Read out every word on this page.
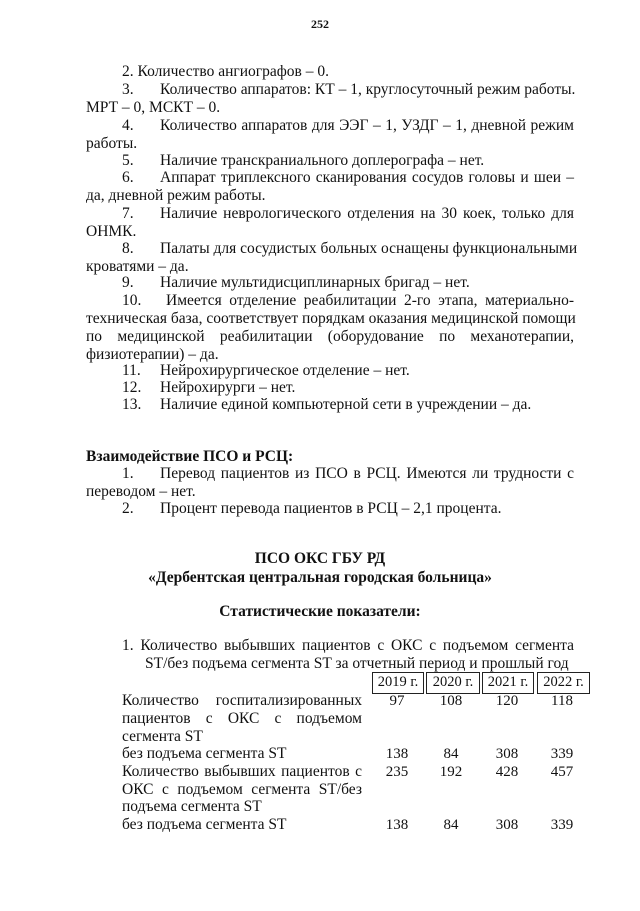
252
2. Количество ангиографов – 0.
3. Количество аппаратов: КТ – 1, круглосуточный режим работы.
МРТ – 0, МСКТ – 0.
4. Количество аппаратов для ЭЭГ – 1, УЗДГ – 1, дневной режим
работы.
5. Наличие транскраниального доплерографа – нет.
6. Аппарат триплексного сканирования сосудов головы и шеи –
да, дневной режим работы.
7. Наличие неврологического отделения на 30 коек, только для
ОНМК.
8. Палаты для сосудистых больных оснащены функциональными
кроватями – да.
9. Наличие мультидисциплинарных бригад – нет.
10. Имеется отделение реабилитации 2-го этапа, материально-
техническая база, соответствует порядкам оказания медицинской помощи
по медицинской реабилитации (оборудование по механотерапии,
физиотерапии) – да.
11. Нейрохирургическое отделение – нет.
12. Нейрохирурги – нет.
13. Наличие единой компьютерной сети в учреждении – да.
Взаимодействие ПСО и РСЦ:
1. Перевод пациентов из ПСО в РСЦ. Имеются ли трудности с
переводом – нет.
2. Процент перевода пациентов в РСЦ – 2,1 процента.
ПСО ОКС ГБУ РД
«Дербентская центральная городская больница»
Статистические показатели:
1. Количество выбывших пациентов с ОКС с подъемом сегмента
ST/без подъема сегмента ST за отчетный период и прошлый год
2019 г. 2020 г. 2021 г.	2022 г.
Количество госпитализированных
пациентов с ОКС с подъемом
сегмента ST
97	108	120	118
без подъема сегмента ST	138	84	308	339
Количество выбывших пациентов с
ОКС с подъемом сегмента ST/без
подъема сегмента ST
235	192	428	457
без подъема сегмента ST	138	84	308	339
